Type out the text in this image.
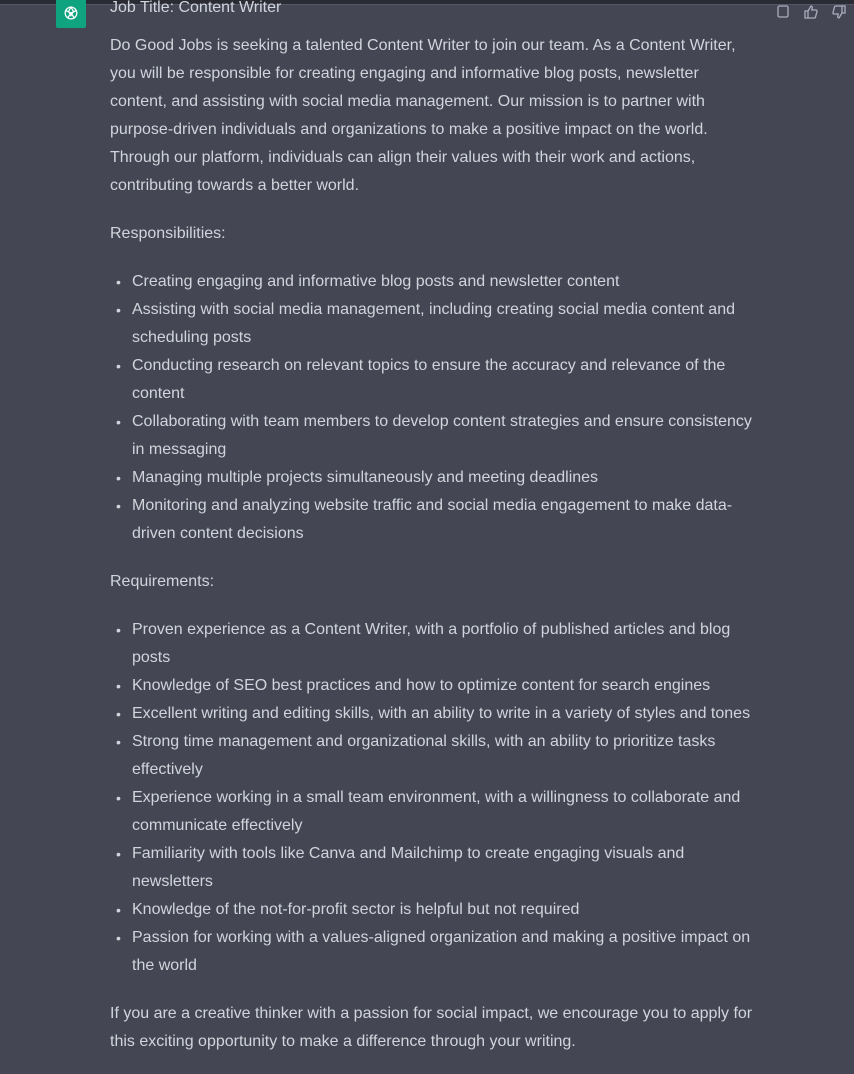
Job Title: Content Writer

Do Good Jobs is seeking a talented Content Writer to join our team. As a Content Writer, you will be responsible for creating engaging and informative blog posts, newsletter content, and assisting with social media management. Our mission is to partner with purpose-driven individuals and organizations to make a positive impact on the world. Through our platform, individuals can align their values with their work and actions, contributing towards a better world.

Responsibilities:

• Creating engaging and informative blog posts and newsletter content
• Assisting with social media management, including creating social media content and scheduling posts
• Conducting research on relevant topics to ensure the accuracy and relevance of the content
• Collaborating with team members to develop content strategies and ensure consistency in messaging
• Managing multiple projects simultaneously and meeting deadlines
• Monitoring and analyzing website traffic and social media engagement to make data-driven content decisions

Requirements:

• Proven experience as a Content Writer, with a portfolio of published articles and blog posts
• Knowledge of SEO best practices and how to optimize content for search engines
• Excellent writing and editing skills, with an ability to write in a variety of styles and tones
• Strong time management and organizational skills, with an ability to prioritize tasks effectively
• Experience working in a small team environment, with a willingness to collaborate and communicate effectively
• Familiarity with tools like Canva and Mailchimp to create engaging visuals and newsletters
• Knowledge of the not-for-profit sector is helpful but not required
• Passion for working with a values-aligned organization and making a positive impact on the world

If you are a creative thinker with a passion for social impact, we encourage you to apply for this exciting opportunity to make a difference through your writing.
